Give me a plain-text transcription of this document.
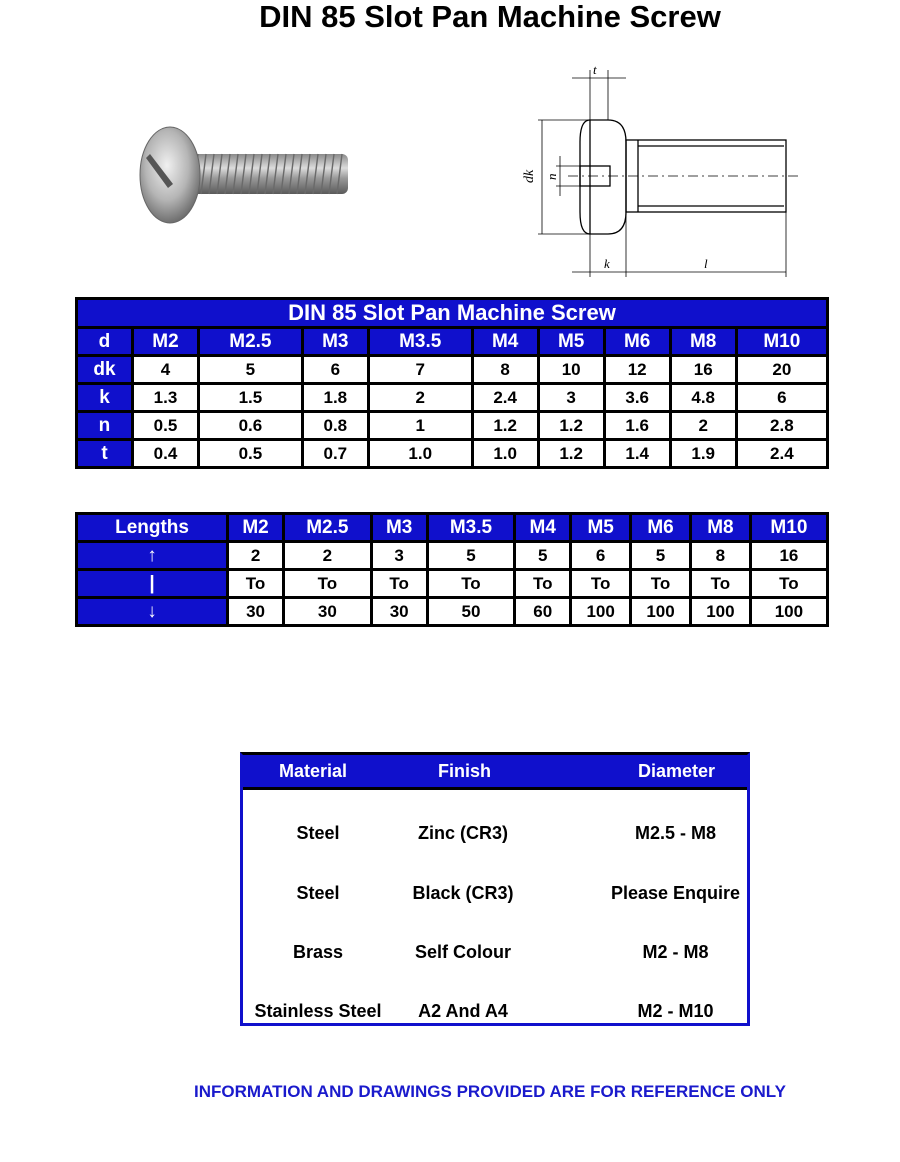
DIN 85 Slot Pan Machine Screw
t
dk n
k	l
DIN 85 Slot Pan Machine Screw									
d	M2	M2.5	M3	M3.5	M4	M5	M6	M8	M10
dk	4	5	6	7	8	10	12	16	20
k	1.3	1.5	1.8	2	2.4	3	3.6	4.8	6
n	0.5	0.6	0.8	1	1.2	1.2	1.6	2	2.8
t	0.4	0.5	0.7	1.0	1.0	1.2	1.4	1.9	2.4
Lengths	M2	M2.5	M3	M3.5	M4	M5	M6	M8	M10
↑	2	2	3	5	5	6	5	8	16
|	To	To	To	To	To	To	To	To	To
↓	30	30	30	50	60	100	100	100	100
Material	Finish	Diameter
Steel	Zinc (CR3)	M2.5 - M8
Steel	Black (CR3)	Please Enquire
Brass	Self Colour	M2 - M8
Stainless Steel	A2 And A4	M2 - M10
INFORMATION AND DRAWINGS PROVIDED ARE FOR REFERENCE ONLY
